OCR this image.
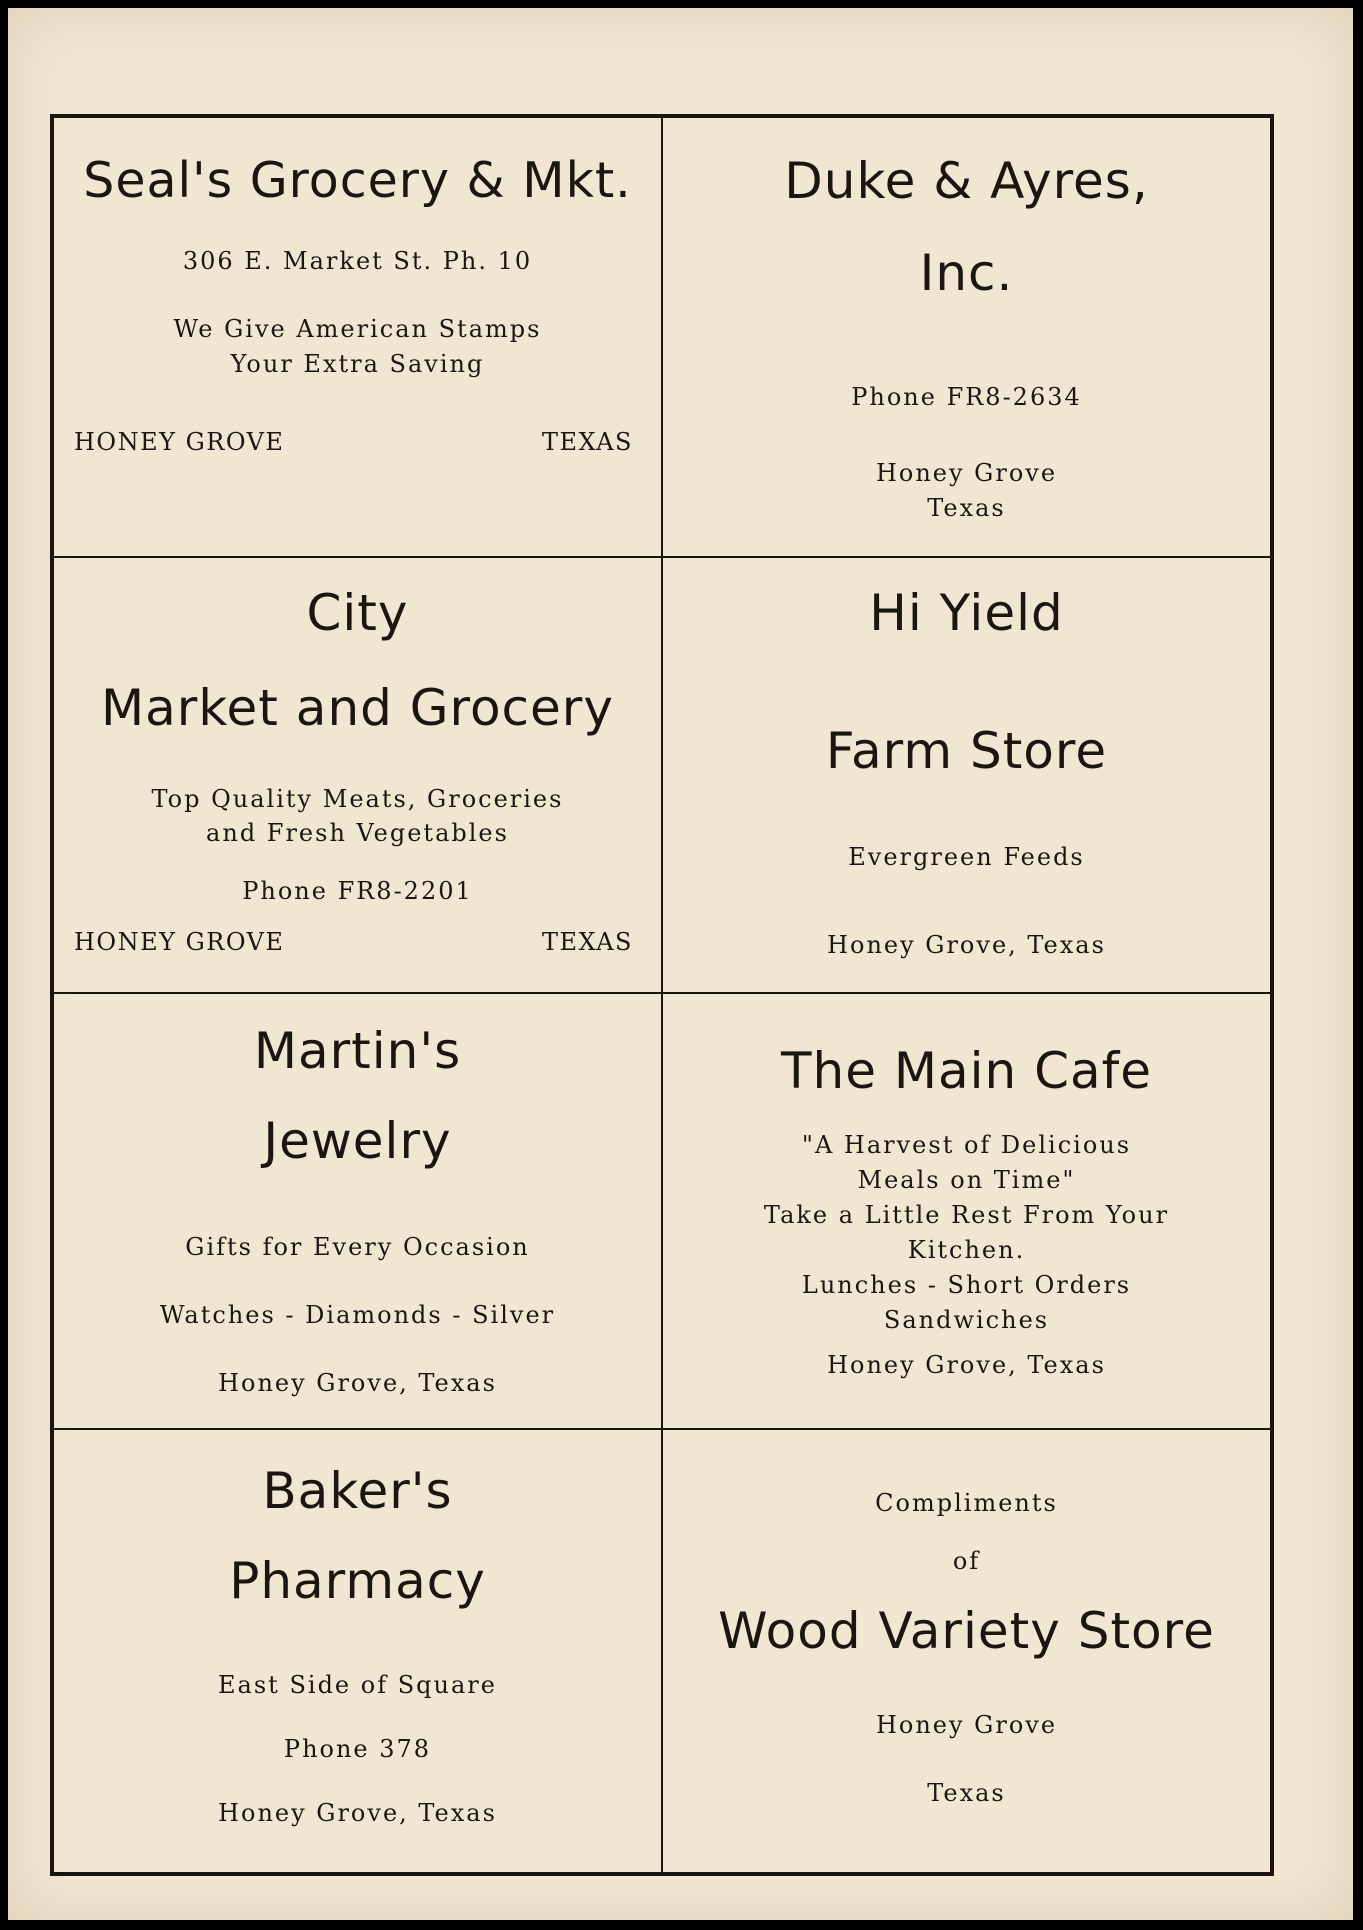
Seal's Grocery & Mkt.
306 E. Market St. Ph. 10
We Give American Stamps
Your Extra Saving
HONEY GROVE	TEXAS
Duke & Ayres,
Inc.
Phone FR8-2634
Honey Grove
Texas
City
Market and Grocery
Top Quality Meats, Groceries
and Fresh Vegetables
Phone FR8-2201
HONEY GROVE	TEXAS
Hi Yield
Farm Store
Evergreen Feeds
Honey Grove, Texas
Martin's
Jewelry
Gifts for Every Occasion
Watches - Diamonds - Silver
Honey Grove, Texas
The Main Cafe
"A Harvest of Delicious
Meals on Time"
Take a Little Rest From Your
Kitchen.
Lunches - Short Orders
Sandwiches
Honey Grove, Texas
Baker's
Pharmacy
East Side of Square
Phone 378
Honey Grove, Texas
Compliments
of
Wood Variety Store
Honey Grove
Texas
